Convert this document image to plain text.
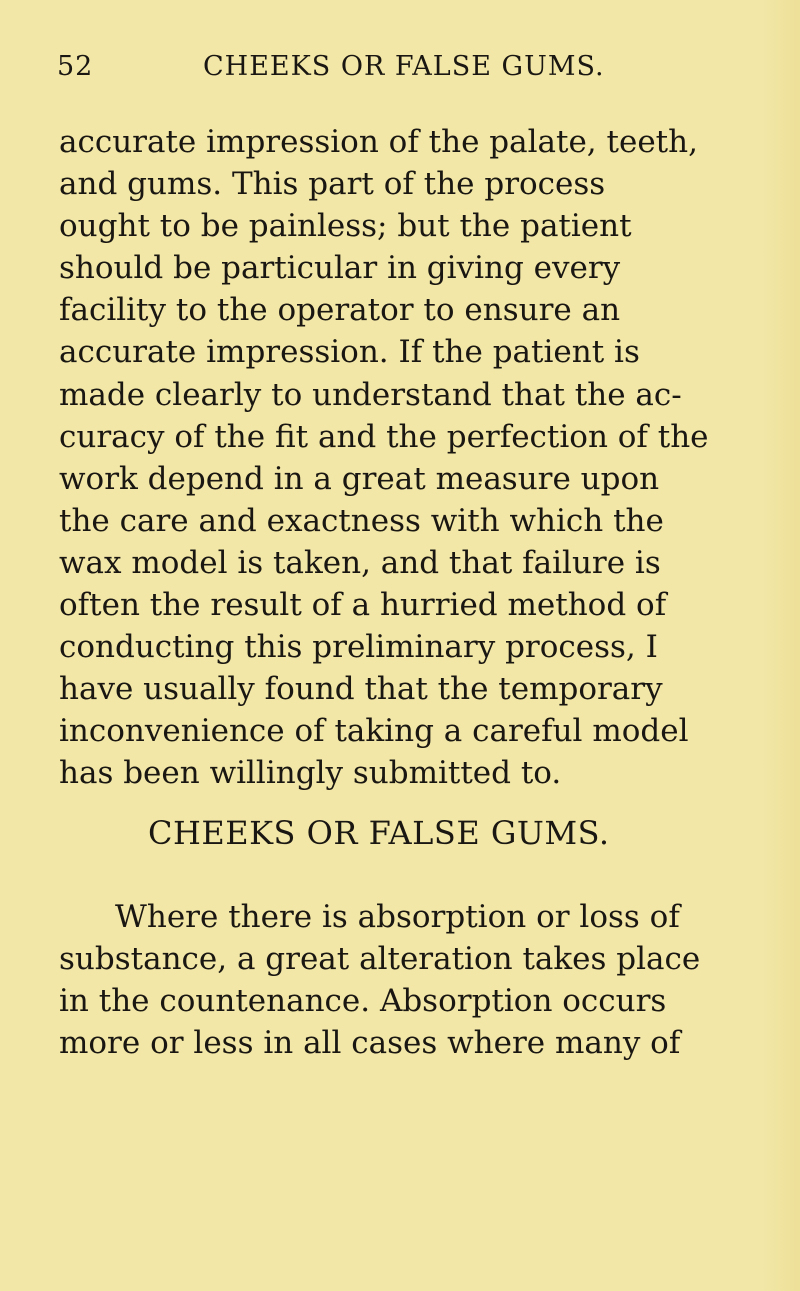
52	CHEEKS OR FALSE GUMS.
accurate impression of the palate, teeth,
and gums. This part of the process
ought to be painless; but the patient
should be particular in giving every
facility to the operator to ensure an
accurate impression. If the patient is
made clearly to understand that the ac-
curacy of the fit and the perfection of the
work depend in a great measure upon
the care and exactness with which the
wax model is taken, and that failure is
often the result of a hurried method of
conducting this preliminary process, I
have usually found that the temporary
inconvenience of taking a careful model
has been willingly submitted to.
CHEEKS OR FALSE GUMS.
Where there is absorption or loss of
substance, a great alteration takes place
in the countenance. Absorption occurs
more or less in all cases where many of
